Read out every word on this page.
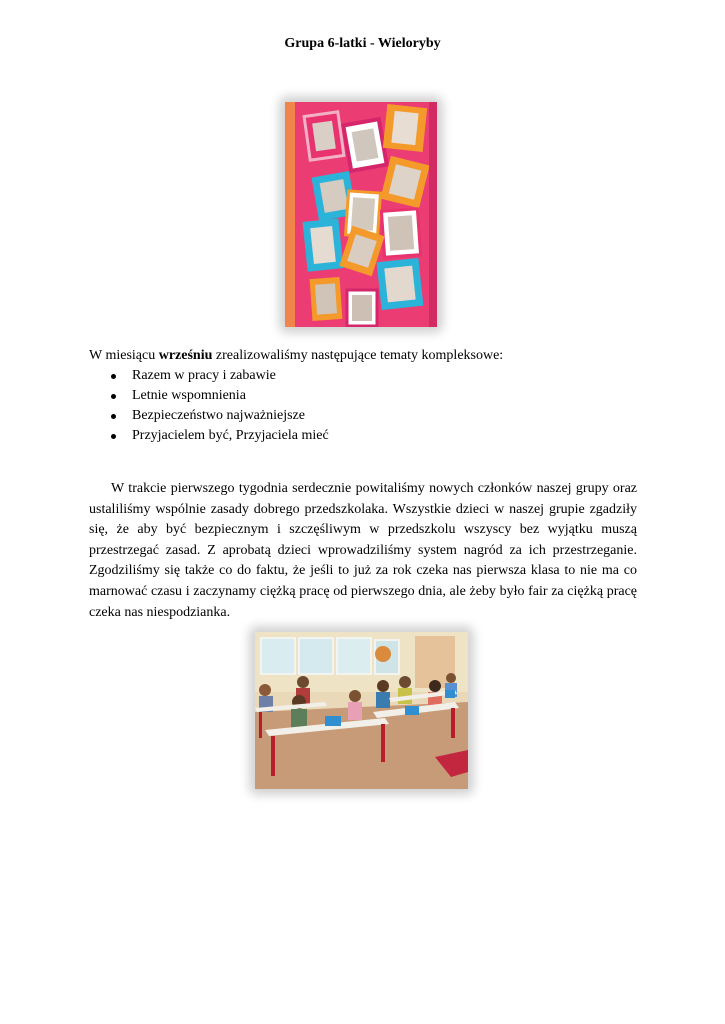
Grupa 6-latki - Wieloryby
W miesiącu wrześniu zrealizowaliśmy następujące tematy kompleksowe:
Razem w pracy i zabawie
Letnie wspomnienia
Bezpieczeństwo najważniejsze
Przyjacielem być, Przyjaciela mieć

W trakcie pierwszego tygodnia serdecznie powitaliśmy nowych członków naszej grupy oraz ustaliliśmy wspólnie zasady dobrego przedszkolaka. Wszystkie dzieci w naszej grupie zgadziły się, że aby być bezpiecznym i szczęśliwym w przedszkolu wszyscy bez wyjątku muszą przestrzegać zasad. Z aprobatą dzieci wprowadziliśmy system nagród za ich przestrzeganie. Zgodziliśmy się także co do faktu, że jeśli to już za rok czeka nas pierwsza klasa to nie ma co marnować czasu i zaczynamy ciężką pracę od pierwszego dnia, ale żeby było fair za ciężką pracę czeka nas niespodzianka.
